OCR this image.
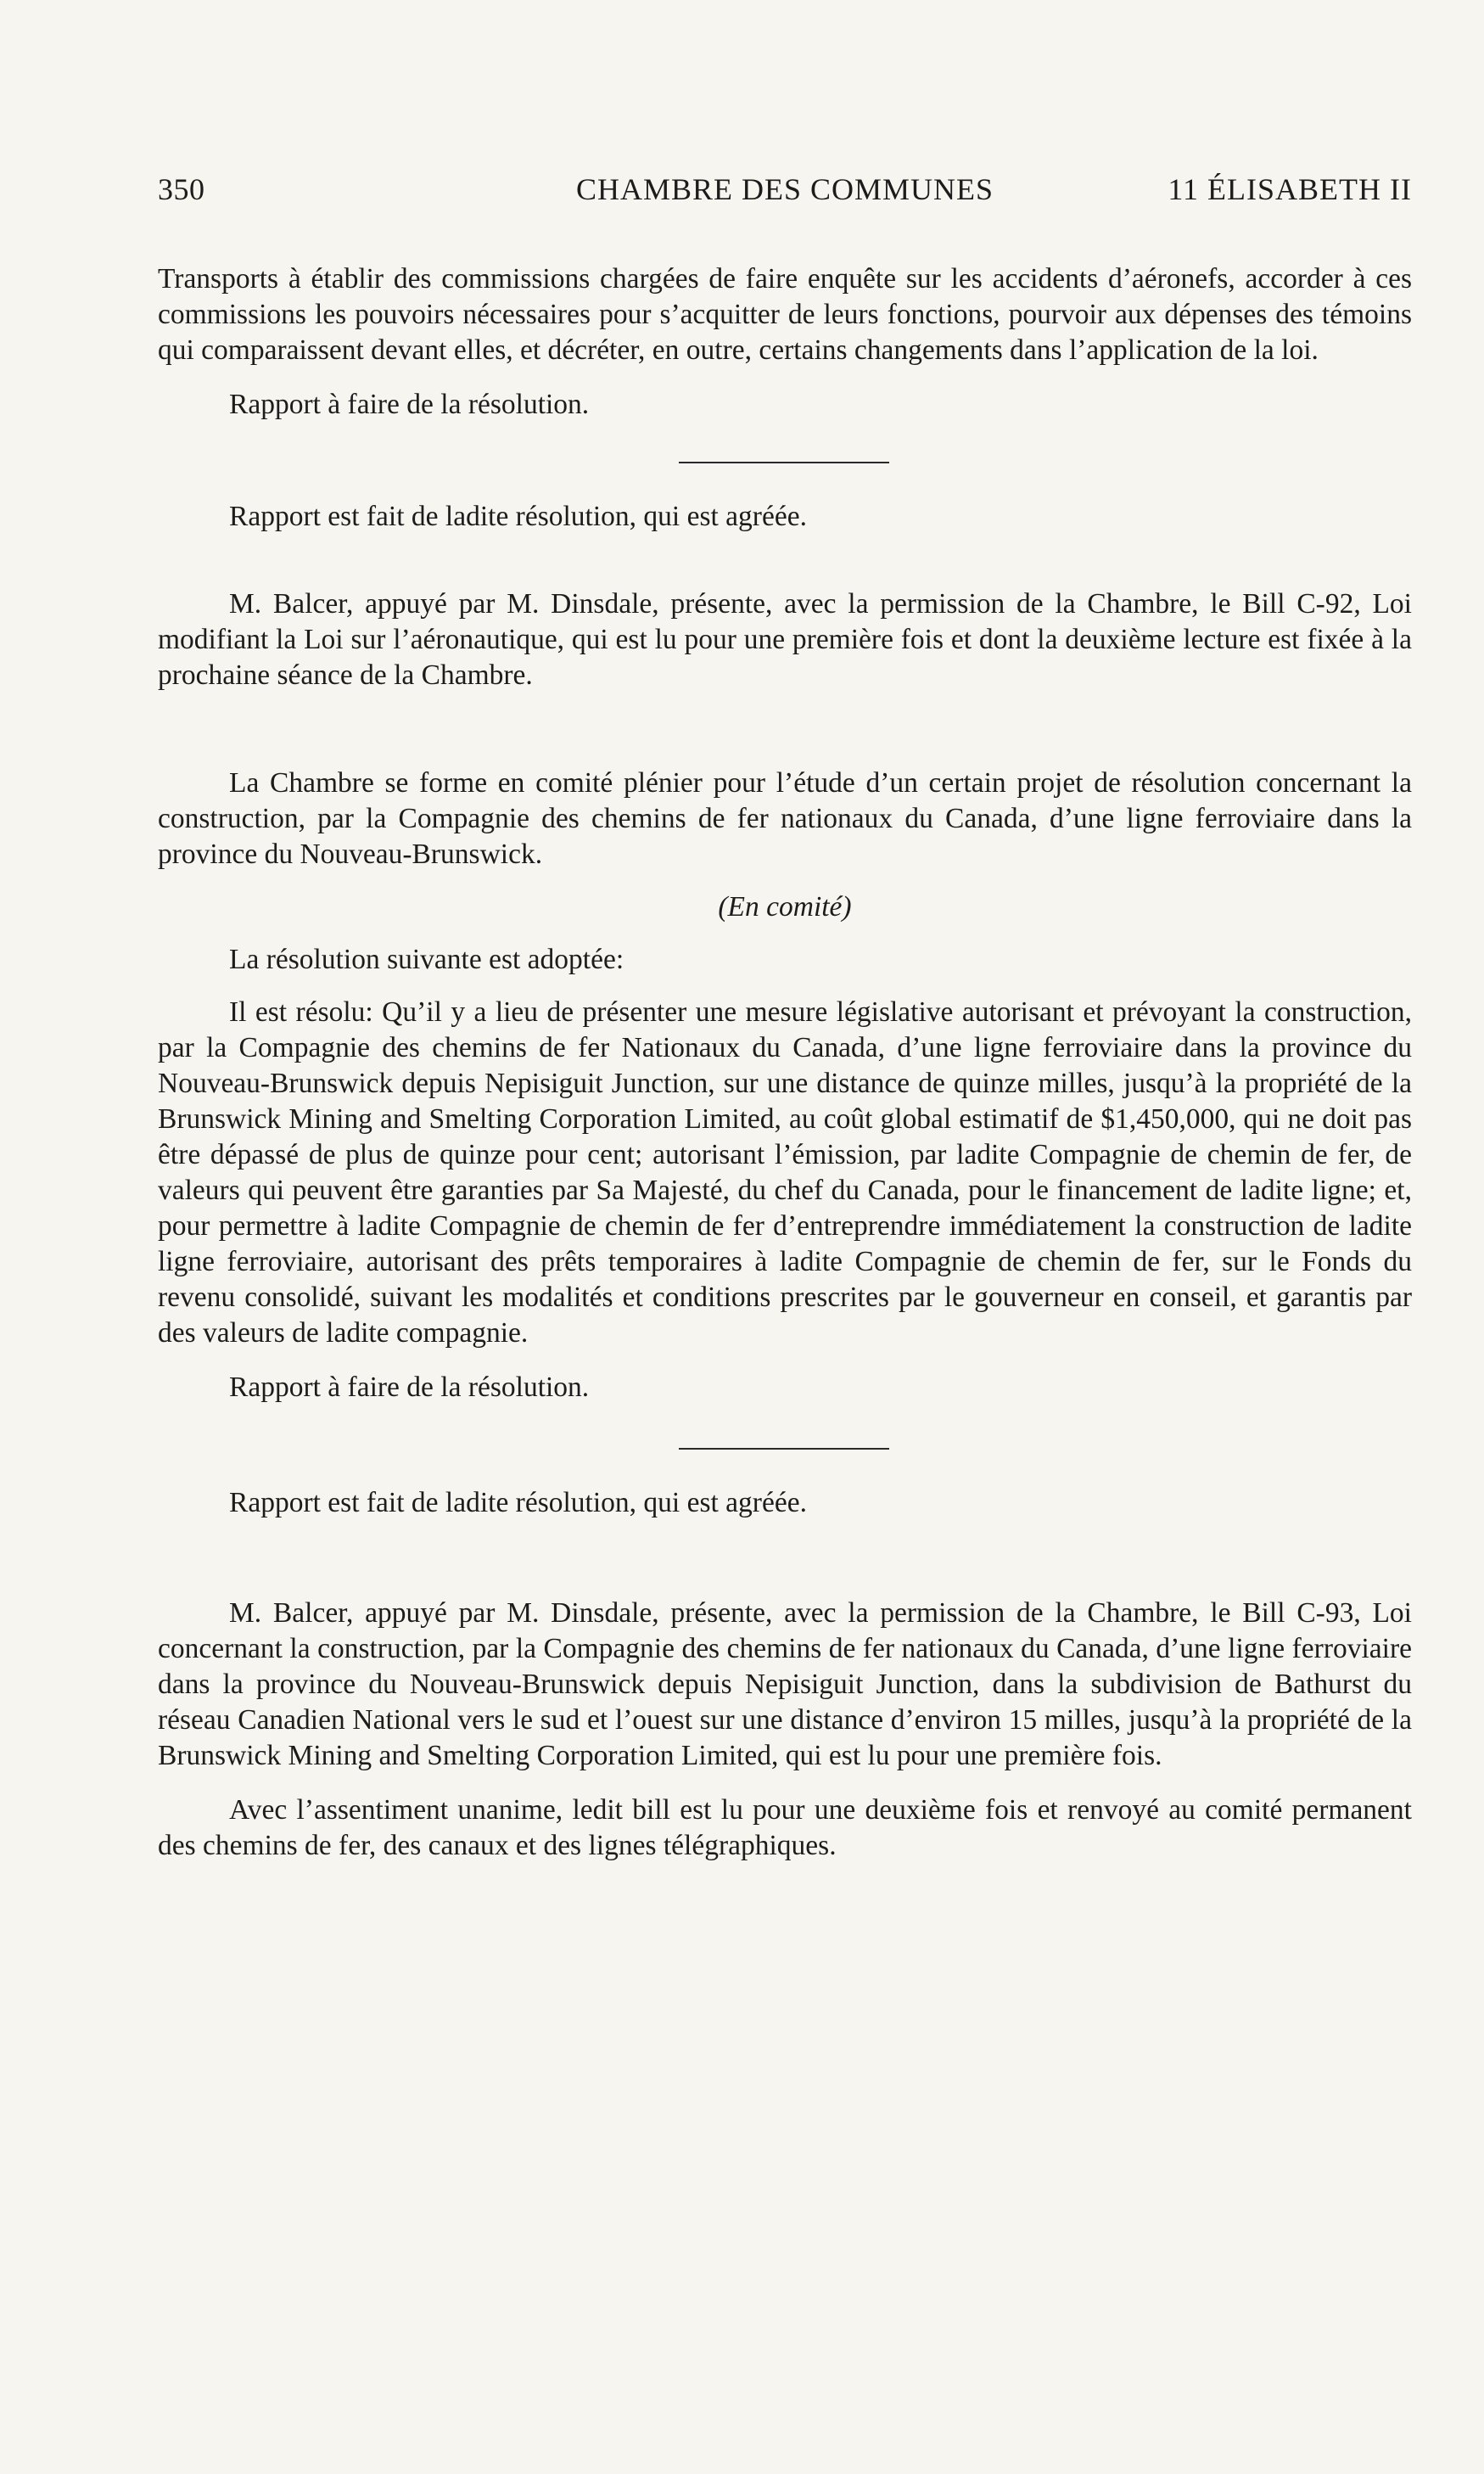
350	CHAMBRE DES COMMUNES	11 ÉLISABETH II

Transports à établir des commissions chargées de faire enquête sur les accidents d’aéronefs, accorder à ces commissions les pouvoirs nécessaires pour s’acquitter de leurs fonctions, pourvoir aux dépenses des témoins qui comparaissent devant elles, et décréter, en outre, certains changements dans l’application de la loi.

Rapport à faire de la résolution.

Rapport est fait de ladite résolution, qui est agréée.

M. Balcer, appuyé par M. Dinsdale, présente, avec la permission de la Chambre, le Bill C-92, Loi modifiant la Loi sur l’aéronautique, qui est lu pour une première fois et dont la deuxième lecture est fixée à la prochaine séance de la Chambre.

La Chambre se forme en comité plénier pour l’étude d’un certain projet de résolution concernant la construction, par la Compagnie des chemins de fer nationaux du Canada, d’une ligne ferroviaire dans la province du Nouveau-Brunswick.

(En comité)

La résolution suivante est adoptée:

Il est résolu: Qu’il y a lieu de présenter une mesure législative autorisant et prévoyant la construction, par la Compagnie des chemins de fer Nationaux du Canada, d’une ligne ferroviaire dans la province du Nouveau-Brunswick depuis Nepisiguit Junction, sur une distance de quinze milles, jusqu’à la propriété de la Brunswick Mining and Smelting Corporation Limited, au coût global estimatif de $1,450,000, qui ne doit pas être dépassé de plus de quinze pour cent; autorisant l’émission, par ladite Compagnie de chemin de fer, de valeurs qui peuvent être garanties par Sa Majesté, du chef du Canada, pour le financement de ladite ligne; et, pour permettre à ladite Compagnie de chemin de fer d’entreprendre immédiatement la construction de ladite ligne ferroviaire, autorisant des prêts temporaires à ladite Compagnie de chemin de fer, sur le Fonds du revenu consolidé, suivant les modalités et conditions prescrites par le gouverneur en conseil, et garantis par des valeurs de ladite compagnie.

Rapport à faire de la résolution.

Rapport est fait de ladite résolution, qui est agréée.

M. Balcer, appuyé par M. Dinsdale, présente, avec la permission de la Chambre, le Bill C-93, Loi concernant la construction, par la Compagnie des chemins de fer nationaux du Canada, d’une ligne ferroviaire dans la province du Nouveau-Brunswick depuis Nepisiguit Junction, dans la subdivision de Bathurst du réseau Canadien National vers le sud et l’ouest sur une distance d’environ 15 milles, jusqu’à la propriété de la Brunswick Mining and Smelting Corporation Limited, qui est lu pour une première fois.

Avec l’assentiment unanime, ledit bill est lu pour une deuxième fois et renvoyé au comité permanent des chemins de fer, des canaux et des lignes télégraphiques.
